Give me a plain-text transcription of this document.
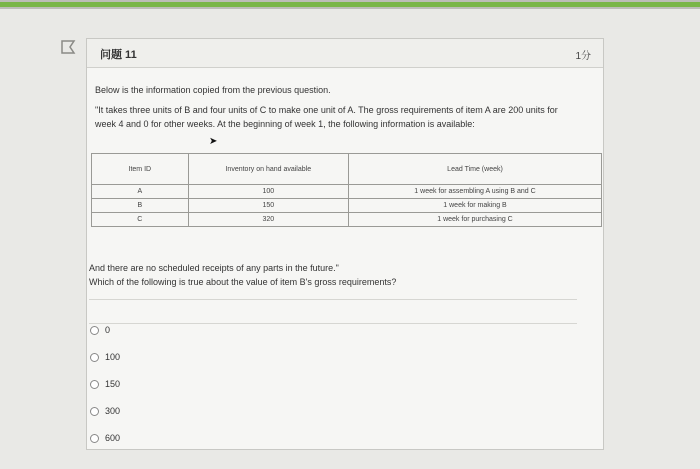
问题 11	1分
Below is the information copied from the previous question.
"It takes three units of B and four units of C to make one unit of A. The gross requirements of item A are 200 units for week 4 and 0 for other weeks. At the beginning of week 1, the following information is available:
Item ID	Inventory on hand available	Lead Time (week)
A	100	1 week for assembling A using B and C
B	150	1 week for making B
C	320	1 week for purchasing C
And there are no scheduled receipts of any parts in the future."
Which of the following is true about the value of item B's gross requirements?
0
100
150
300
600
➤
